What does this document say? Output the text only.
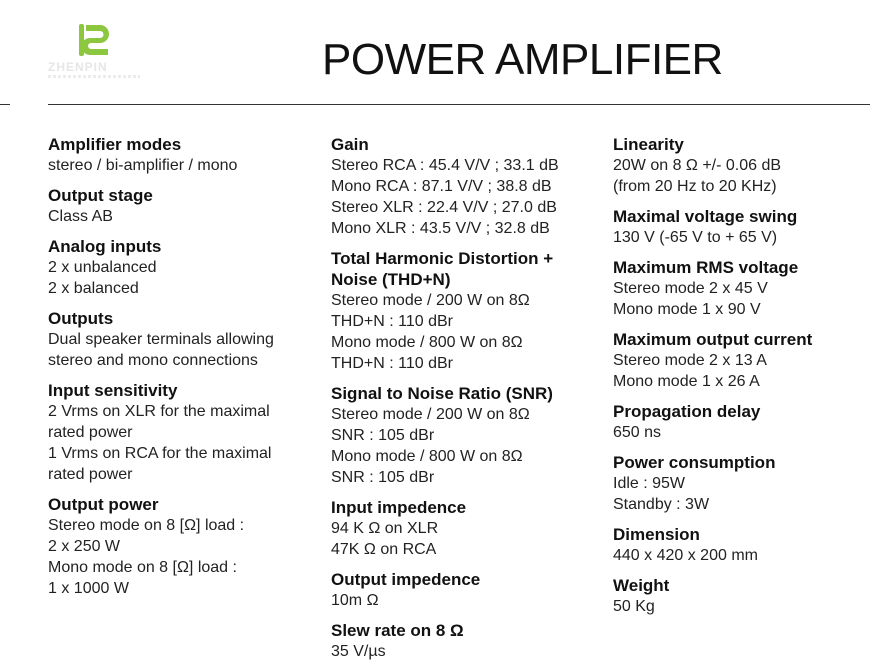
ZHENPIN	POWER AMPLIFIER
Amplifier modes
stereo / bi-amplifier / mono
Output stage
Class AB
Analog inputs
2 x unbalanced
2 x balanced
Outputs
Dual speaker terminals allowing
stereo and mono connections
Input sensitivity
2 Vrms on XLR for the maximal
rated power
1 Vrms on RCA for the maximal
rated power
Output power
Stereo mode on 8 [Ω] load :
2 x 250 W
Mono mode on 8 [Ω] load :
1 x 1000 W
Gain
Stereo RCA : 45.4 V/V ; 33.1 dB
Mono RCA : 87.1 V/V ; 38.8 dB
Stereo XLR : 22.4 V/V ; 27.0 dB
Mono XLR : 43.5 V/V ; 32.8 dB
Total Harmonic Distortion +
Noise (THD+N)
Stereo mode / 200 W on 8Ω
THD+N : 110 dBr
Mono mode / 800 W on 8Ω
THD+N : 110 dBr
Signal to Noise Ratio (SNR)
Stereo mode / 200 W on 8Ω
SNR : 105 dBr
Mono mode / 800 W on 8Ω
SNR : 105 dBr
Input impedence
94 K Ω on XLR
47K Ω on RCA
Output impedence
10m Ω
Slew rate on 8 Ω
35 V/µs
Linearity
20W on 8 Ω +/- 0.06 dB
(from 20 Hz to 20 KHz)
Maximal voltage swing
130 V (-65 V to + 65 V)
Maximum RMS voltage
Stereo mode 2 x 45 V
Mono mode 1 x 90 V
Maximum output current
Stereo mode 2 x 13 A
Mono mode 1 x 26 A
Propagation delay
650 ns
Power consumption
Idle : 95W
Standby : 3W
Dimension
440 x 420 x 200 mm
Weight
50 Kg
